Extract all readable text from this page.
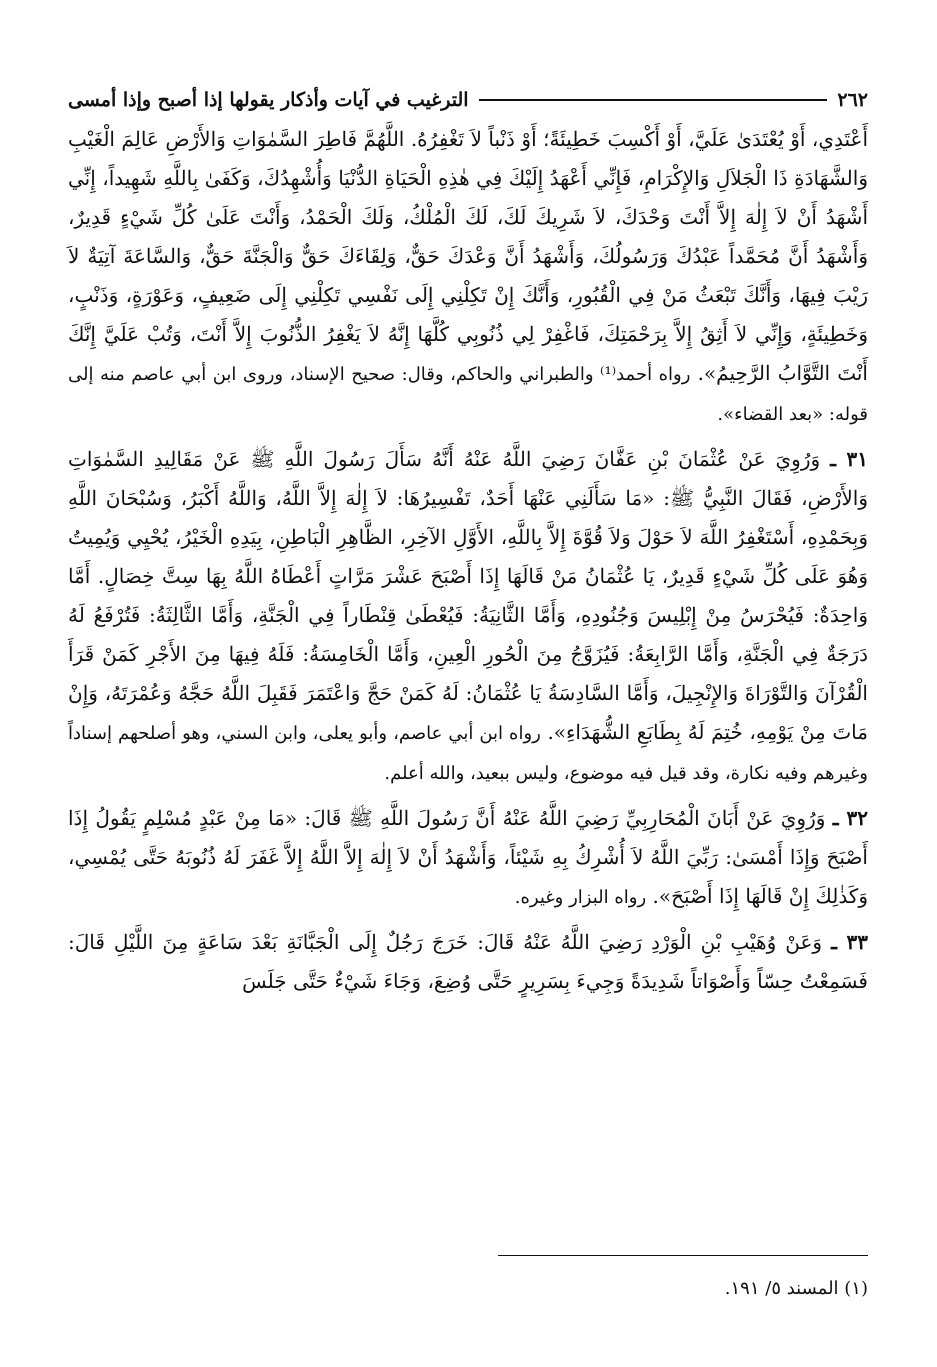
٢٦٢
الترغيب في آيات وأذكار يقولها إذا أصبح وإذا أمسى

أَعْتَدِي، أَوْ يُعْتَدَىٰ عَلَيَّ، أَوْ أَكْسِبَ خَطِيئَةً؛ أَوْ ذَنْباً لاَ تَغْفِرُهُ. اللَّهُمَّ فَاطِرَ السَّمٰوَاتِ وَالأَرْضِ عَالِمَ الْغَيْبِ وَالشَّهَادَةِ ذَا الْجَلاَلِ وَالإِكْرَامِ، فَإِنِّي أَعْهَدُ إِلَيْكَ فِي هٰذِهِ الْحَيَاةِ الدُّنْيَا وَأُشْهِدُكَ، وَكَفَىٰ بِاللَّهِ شَهِيداً، إِنِّي أَشْهَدُ أَنْ لاَ إِلٰهَ إِلاَّ أَنْتَ وَحْدَكَ، لاَ شَرِيكَ لَكَ، لَكَ الْمُلْكُ، وَلَكَ الْحَمْدُ، وَأَنْتَ عَلَىٰ كُلِّ شَيْءٍ قَدِيرٌ، وَأَشْهَدُ أَنَّ مُحَمَّداً عَبْدُكَ وَرَسُولُكَ، وَأَشْهَدُ أَنَّ وَعْدَكَ حَقٌّ، وَلِقَاءَكَ حَقٌّ وَالْجَنَّةَ حَقٌّ، وَالسَّاعَةَ آتِيَةٌ لاَ رَيْبَ فِيهَا، وَأَنَّكَ تَبْعَثُ مَنْ فِي الْقُبُورِ، وَأَنَّكَ إِنْ تَكِلْنِي إِلَى نَفْسِي تَكِلْنِي إِلَى ضَعِيفٍ، وَعَوْرَةٍ، وَذَنْبٍ، وَخَطِيئَةٍ، وَإِنِّي لاَ أَثِقُ إِلاَّ بِرَحْمَتِكَ، فَاغْفِرْ لِي ذُنُوبِي كُلَّهَا إِنَّهُ لاَ يَغْفِرُ الذُّنُوبَ إِلاَّ أَنْتَ، وَتُبْ عَلَيَّ إِنَّكَ أَنْتَ التَّوَّابُ الرَّحِيمُ». رواه أحمد⁽¹⁾ والطبراني والحاكم، وقال: صحيح الإسناد، وروى ابن أبي عاصم منه إلى قوله: «بعد القضاء».

٣١ ـ وَرُوِيَ عَنْ عُثْمَانَ بْنِ عَفَّانَ رَضِيَ اللَّهُ عَنْهُ أَنَّهُ سَأَلَ رَسُولَ اللَّهِ ﷺ عَنْ مَقَالِيدِ السَّمٰوَاتِ وَالأَرْضِ، فَقَالَ النَّبِيُّ ﷺ: «مَا سَأَلَنِي عَنْهَا أَحَدٌ، تَفْسِيرُهَا: لاَ إِلٰهَ إِلاَّ اللَّهُ، وَاللَّهُ أَكْبَرُ، وَسُبْحَانَ اللَّهِ وَبِحَمْدِهِ، أَسْتَغْفِرُ اللَّهَ لاَ حَوْلَ وَلاَ قُوَّةَ إِلاَّ بِاللَّهِ، الأَوَّلِ الآخِرِ، الظَّاهِرِ الْبَاطِنِ، بِيَدِهِ الْخَيْرُ، يُحْيِي وَيُمِيتُ وَهُوَ عَلَى كُلِّ شَيْءٍ قَدِيرٌ، يَا عُثْمَانُ مَنْ قَالَهَا إِذَا أَصْبَحَ عَشْرَ مَرَّاتٍ أَعْطَاهُ اللَّهُ بِهَا سِتَّ خِصَالٍ. أَمَّا وَاحِدَةٌ: فَيُحْرَسُ مِنْ إِبْلِيسَ وَجُنُودِهِ، وَأَمَّا الثَّانِيَةُ: فَيُعْطَىٰ قِنْطَاراً فِي الْجَنَّةِ، وَأَمَّا الثَّالِثَةُ: فَتُرْفَعُ لَهُ دَرَجَةٌ فِي الْجَنَّةِ، وَأَمَّا الرَّابِعَةُ: فَيُزَوَّجُ مِنَ الْحُورِ الْعِينِ، وَأَمَّا الْخَامِسَةُ: فَلَهُ فِيهَا مِنَ الأَجْرِ كَمَنْ قَرَأَ الْقُرْآنَ وَالتَّوْرَاةَ وَالإِنْجِيلَ، وَأَمَّا السَّادِسَةُ يَا عُثْمَانُ: لَهُ كَمَنْ حَجَّ وَاعْتَمَرَ فَقَبِلَ اللَّهُ حَجَّهُ وَعُمْرَتَهُ، وَإِنْ مَاتَ مِنْ يَوْمِهِ، خُتِمَ لَهُ بِطَابَعِ الشُّهَدَاءِ». رواه ابن أبي عاصم، وأبو يعلى، وابن السني، وهو أصلحهم إسناداً وغيرهم وفيه نكارة، وقد قيل فيه موضوع، وليس ببعيد، والله أعلم.

٣٢ ـ وَرُوِيَ عَنْ أَبَانَ الْمُحَارِبِيِّ رَضِيَ اللَّهُ عَنْهُ أَنَّ رَسُولَ اللَّهِ ﷺ قَالَ: «مَا مِنْ عَبْدٍ مُسْلِمٍ يَقُولُ إِذَا أَصْبَحَ وَإِذَا أَمْسَىٰ: رَبِّيَ اللَّهُ لاَ أُشْرِكُ بِهِ شَيْئاً، وَأَشْهَدُ أَنْ لاَ إِلٰهَ إِلاَّ اللَّهُ إِلاَّ غَفَرَ لَهُ ذُنُوبَهُ حَتَّى يُمْسِي، وَكَذٰلِكَ إِنْ قَالَهَا إِذَا أَصْبَحَ». رواه البزار وغيره.

٣٣ ـ وَعَنْ وُهَيْبِ بْنِ الْوَرْدِ رَضِيَ اللَّهُ عَنْهُ قَالَ: خَرَجَ رَجُلٌ إِلَى الْجَبَّانَةِ بَعْدَ سَاعَةٍ مِنَ اللَّيْلِ قَالَ: فَسَمِعْتُ حِسّاً وَأَصْوَاتاً شَدِيدَةً وَجِيءَ بِسَرِيرٍ حَتَّى وُضِعَ، وَجَاءَ شَيْءٌ حَتَّى جَلَسَ

(١) المسند ٥/ ١٩١.
